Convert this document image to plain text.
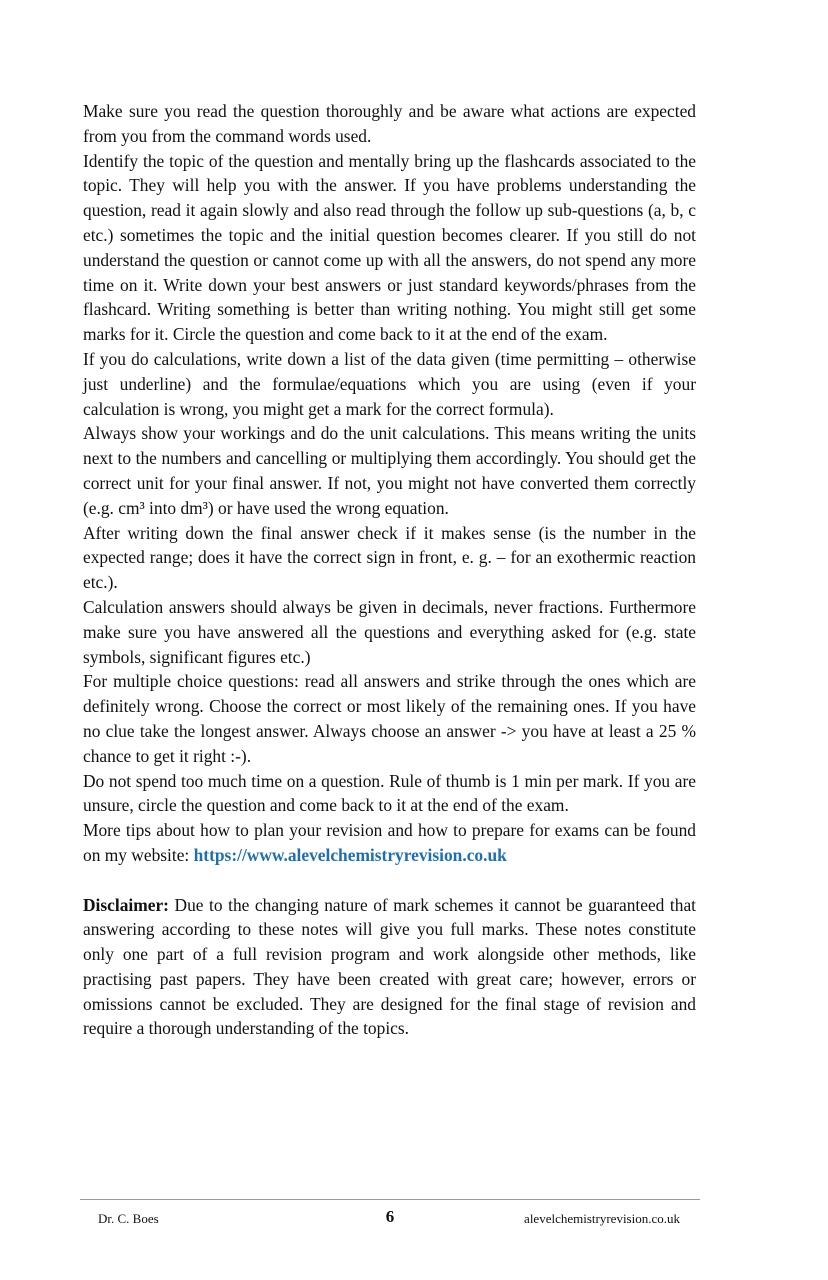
Make sure you read the question thoroughly and be aware what actions are expected from you from the command words used.

Identify the topic of the question and mentally bring up the flashcards associated to the topic. They will help you with the answer. If you have problems understanding the question, read it again slowly and also read through the follow up sub-questions (a, b, c etc.) sometimes the topic and the initial question becomes clearer. If you still do not understand the question or cannot come up with all the answers, do not spend any more time on it. Write down your best answers or just standard keywords/phrases from the flashcard. Writing something is better than writing nothing. You might still get some marks for it. Circle the question and come back to it at the end of the exam.

If you do calculations, write down a list of the data given (time permitting – otherwise just underline) and the formulae/equations which you are using (even if your calculation is wrong, you might get a mark for the correct formula).

Always show your workings and do the unit calculations. This means writing the units next to the numbers and cancelling or multiplying them accordingly. You should get the correct unit for your final answer. If not, you might not have converted them correctly (e.g. cm³ into dm³) or have used the wrong equation.

After writing down the final answer check if it makes sense (is the number in the expected range; does it have the correct sign in front, e. g. – for an exothermic reaction etc.).

Calculation answers should always be given in decimals, never fractions. Furthermore make sure you have answered all the questions and everything asked for (e.g. state symbols, significant figures etc.)

For multiple choice questions: read all answers and strike through the ones which are definitely wrong. Choose the correct or most likely of the remaining ones. If you have no clue take the longest answer. Always choose an answer -> you have at least a 25 % chance to get it right :-).

Do not spend too much time on a question. Rule of thumb is 1 min per mark. If you are unsure, circle the question and come back to it at the end of the exam.

More tips about how to plan your revision and how to prepare for exams can be found on my website: https://www.alevelchemistryrevision.co.uk

Disclaimer: Due to the changing nature of mark schemes it cannot be guaranteed that answering according to these notes will give you full marks. These notes constitute only one part of a full revision program and work alongside other methods, like practising past papers. They have been created with great care; however, errors or omissions cannot be excluded. They are designed for the final stage of revision and require a thorough understanding of the topics.

Dr. C. Boes	6	alevelchemistryrevision.co.uk
